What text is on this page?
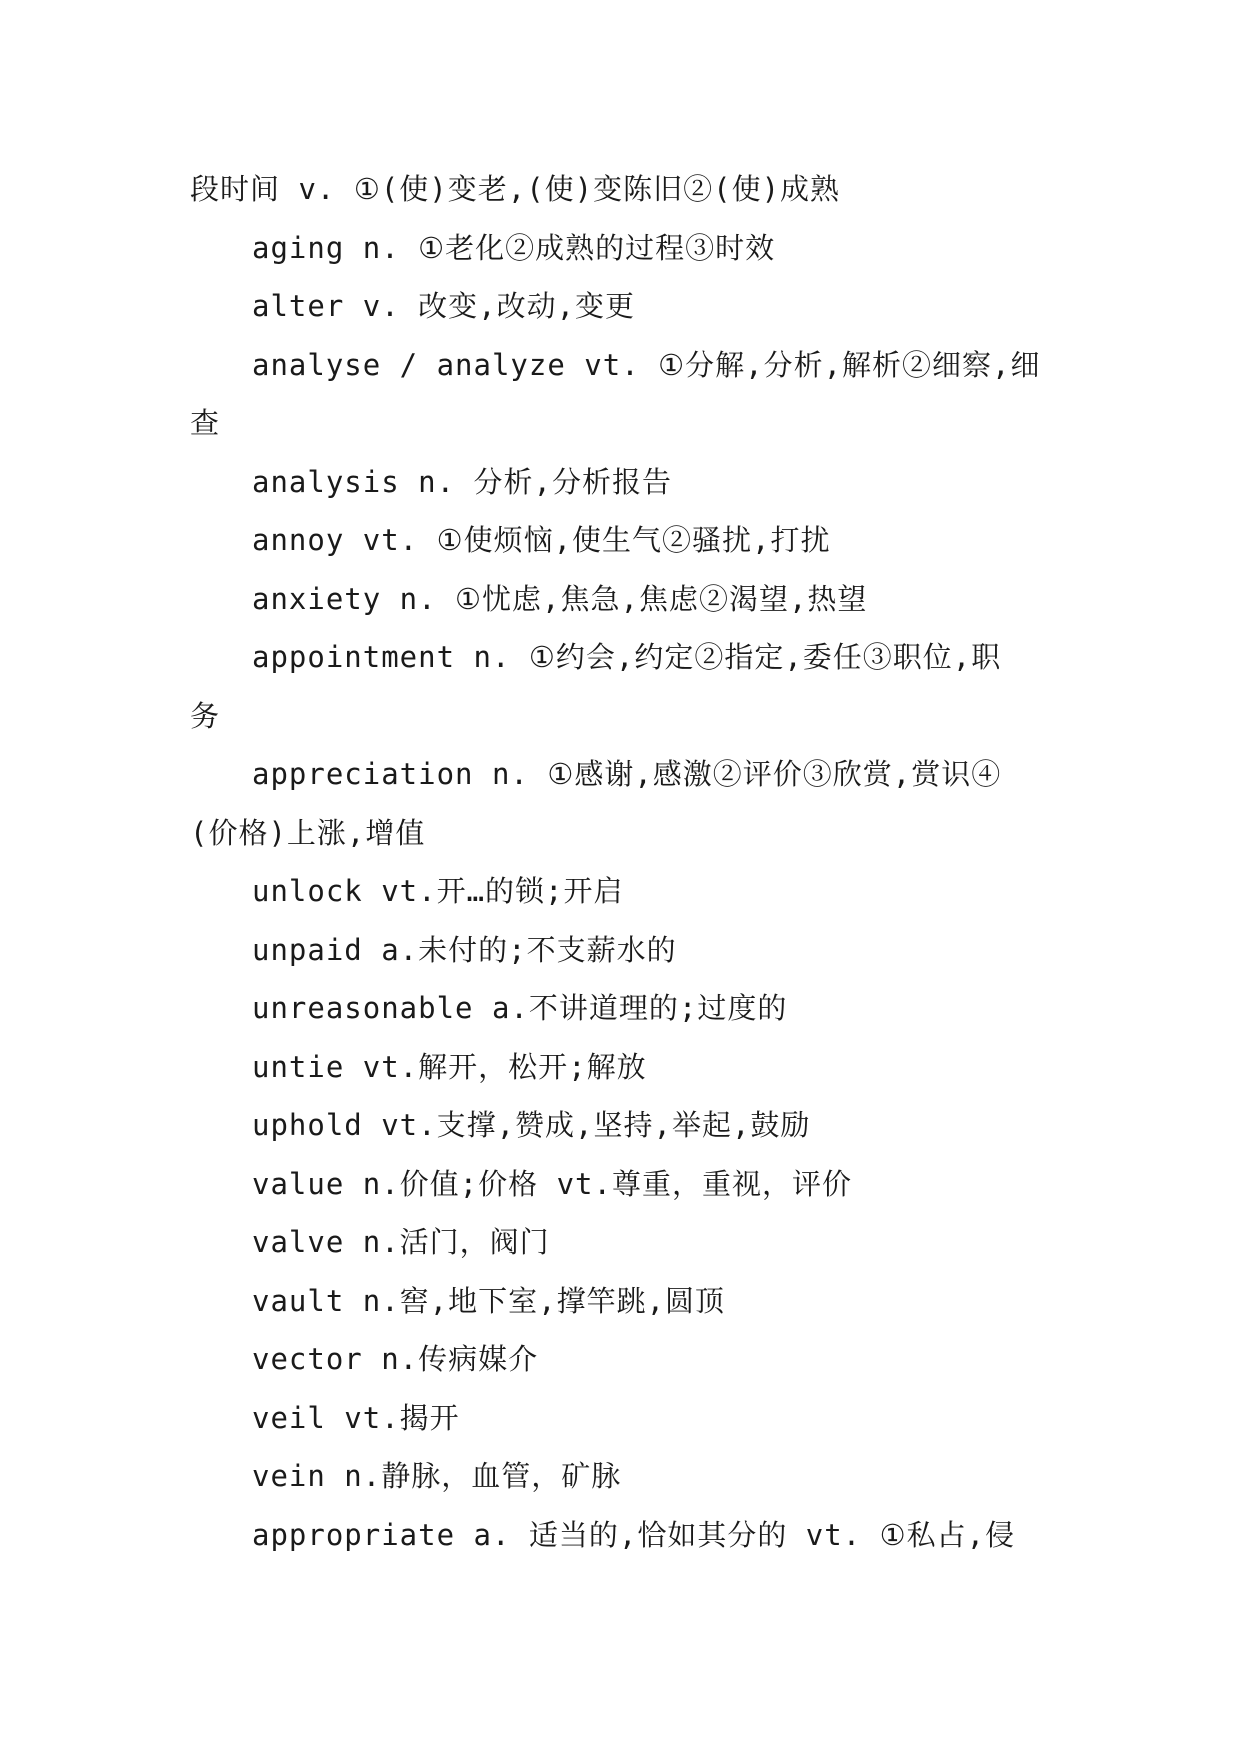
段时间 v. ①(使)变老,(使)变陈旧②(使)成熟
aging n. ①老化②成熟的过程③时效
alter v. 改变,改动,变更
analyse / analyze vt. ①分解,分析,解析②细察,细
查
analysis n. 分析,分析报告
annoy vt. ①使烦恼,使生气②骚扰,打扰
anxiety n. ①忧虑,焦急,焦虑②渴望,热望
appointment n. ①约会,约定②指定,委任③职位,职
务
appreciation n. ①感谢,感激②评价③欣赏,赏识④
(价格)上涨,增值
unlock vt.开…的锁;开启
unpaid a.未付的;不支薪水的
unreasonable a.不讲道理的;过度的
untie vt.解开，松开;解放
uphold vt.支撑,赞成,坚持,举起,鼓励
value n.价值;价格 vt.尊重，重视，评价
valve n.活门，阀门
vault n.窖,地下室,撑竿跳,圆顶
vector n.传病媒介
veil vt.揭开
vein n.静脉，血管，矿脉
appropriate a. 适当的,恰如其分的 vt. ①私占,侵
